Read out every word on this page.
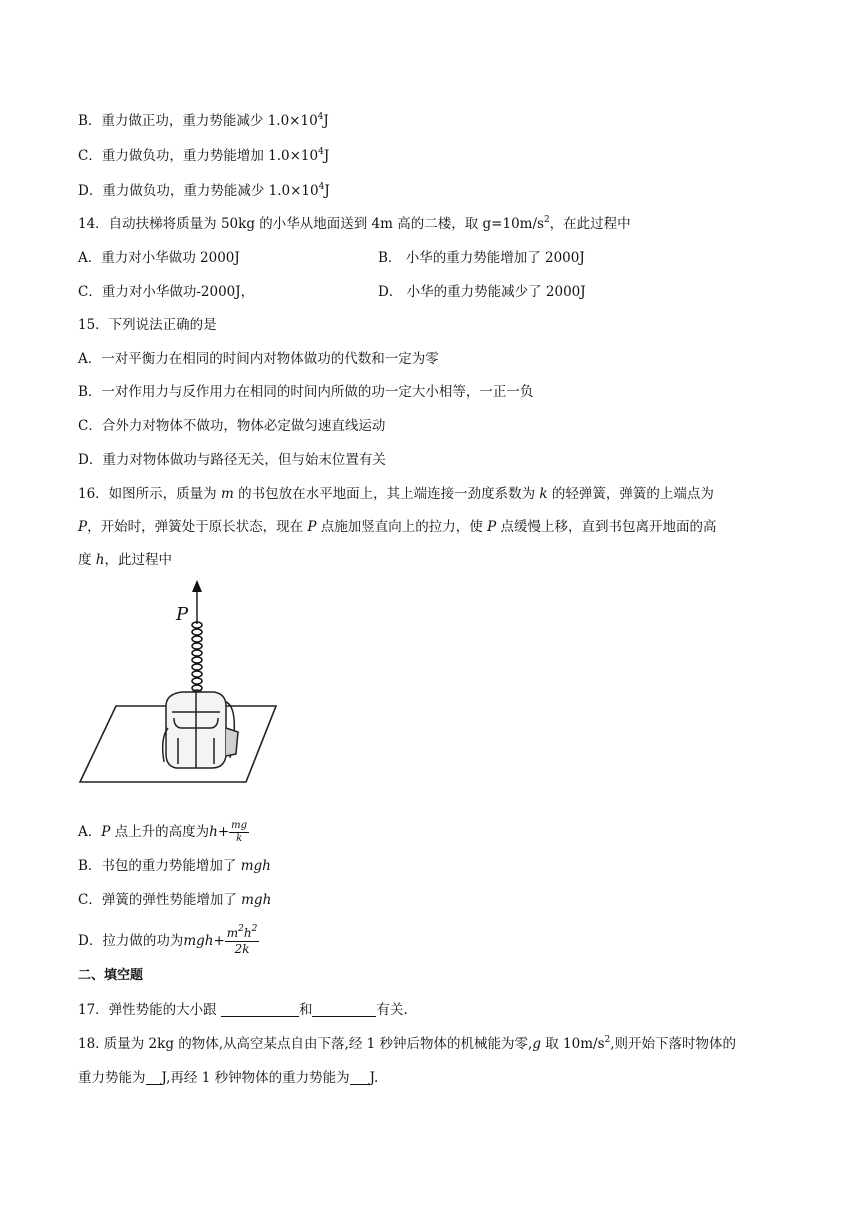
B．重力做正功，重力势能减少 $1.0\times 10^4J$
C．重力做负功，重力势能增加 $1.0\times 10^4J$
D．重力做负功，重力势能减少 $1.0\times 10^4J$
14．自动扶梯将质量为 50kg 的小华从地面送到 4m 高的二楼，取 $g=10m/s^2$，在此过程中
A．重力对小华做功 2000J	B． 小华的重力势能增加了 2000J
C．重力对小华做功-2000J，	D． 小华的重力势能减少了 2000J
15．下列说法正确的是
A．一对平衡力在相同的时间内对物体做功的代数和一定为零
B．一对作用力与反作用力在相同的时间内所做的功一定大小相等，一正一负
C．合外力对物体不做功，物体必定做匀速直线运动
D．重力对物体做功与路径无关，但与始末位置有关
16．如图所示，质量为 m 的书包放在水平地面上，其上端连接一劲度系数为 k 的轻弹簧，弹簧的上端点为
P，开始时，弹簧处于原长状态，现在 P 点施加竖直向上的拉力，使 P 点缓慢上移，直到书包离开地面的高
度 h，此过程中
P
A．P 点上升的高度为$h+ \frac{mg}{k}$
B．书包的重力势能增加了 mgh
C．弹簧的弹性势能增加了 mgh
D．拉力做的功为$mgh+ \frac{m^2h^2}{2k}$
二、填空题
17．弹性势能的大小跟	和	有关.
18. 质量为 2kg 的物体,从高空某点自由下落,经 1 秒钟后物体的机械能为零,g 取 $10m/s^2$,则开始下落时物体的
重力势能为 J,再经 1 秒钟物体的重力势能为 J.
